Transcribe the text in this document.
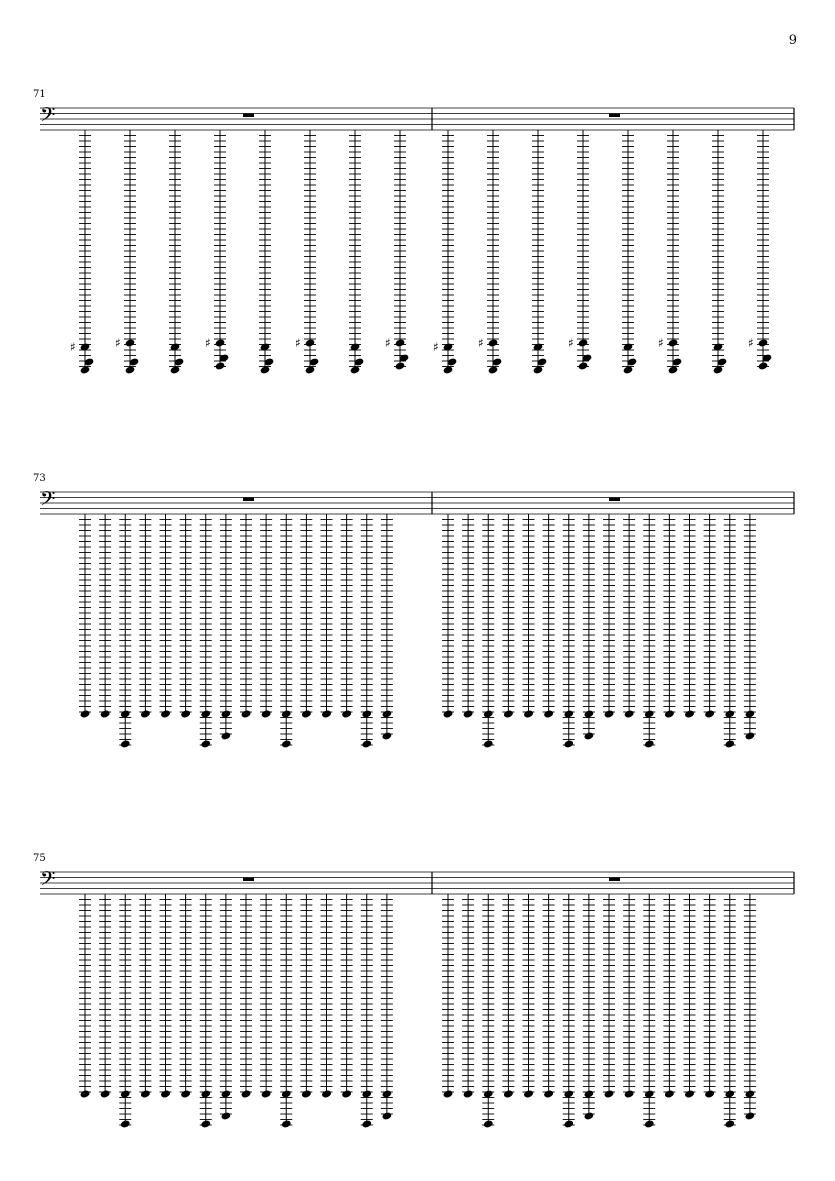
9
71
73
75
𝄢
♯	♯	♯	♯	♯	♯	♯	♯	♯	♯
𝄢
𝄢
